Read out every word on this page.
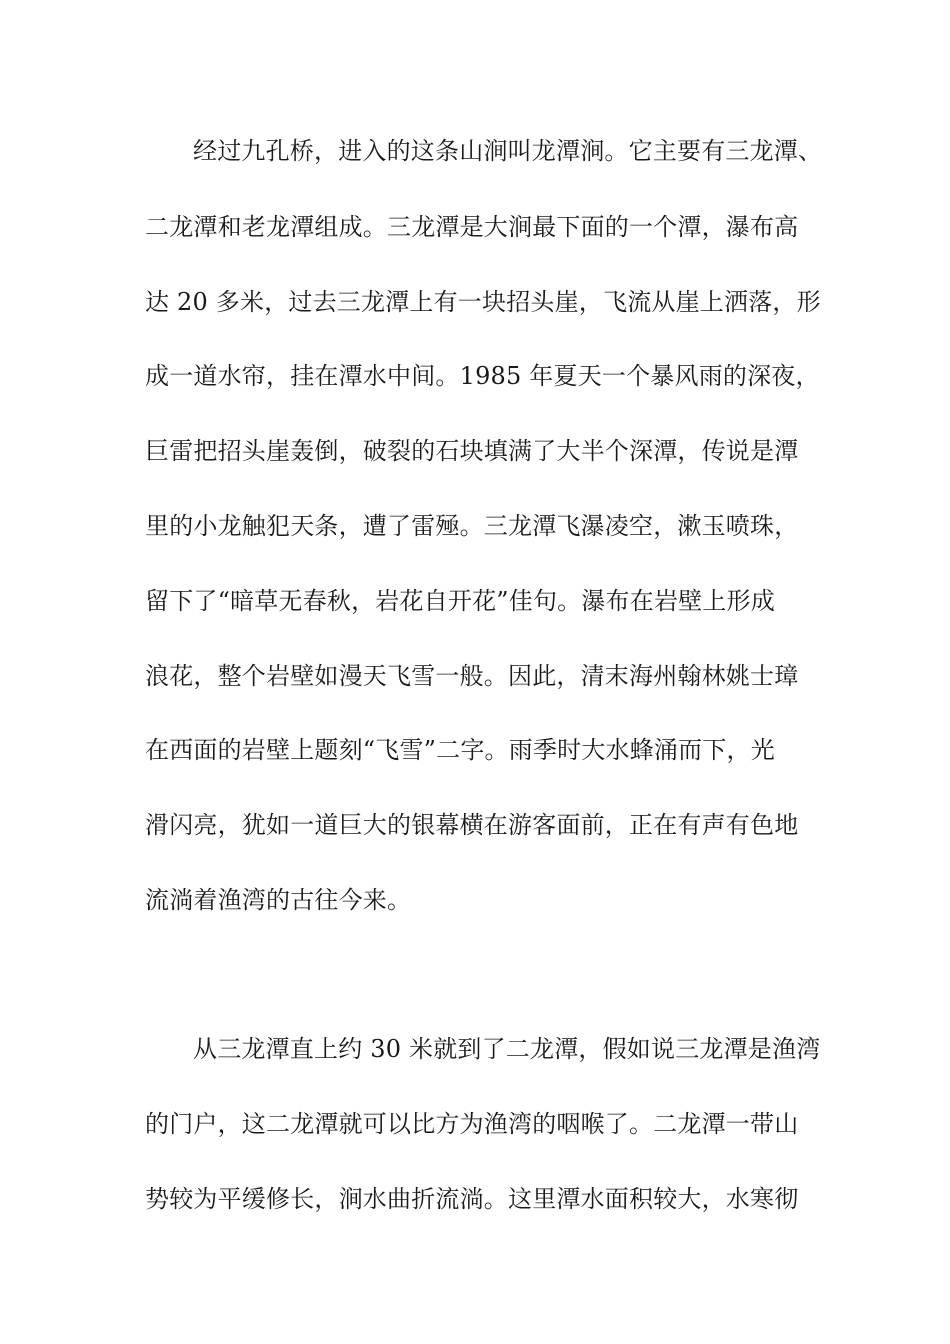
经过九孔桥，进入的这条山涧叫龙潭涧。它主要有三龙潭、
二龙潭和老龙潭组成。三龙潭是大涧最下面的一个潭，瀑布高
达 20 多米，过去三龙潭上有一块招头崖，飞流从崖上洒落，形
成一道水帘，挂在潭水中间。1985 年夏天一个暴风雨的深夜，
巨雷把招头崖轰倒，破裂的石块填满了大半个深潭，传说是潭
里的小龙触犯天条，遭了雷殛。三龙潭飞瀑凌空，漱玉喷珠，
留下了“暗草无春秋，岩花自开花”佳句。瀑布在岩壁上形成
浪花，整个岩壁如漫天飞雪一般。因此，清末海州翰林姚士璋
在西面的岩壁上题刻“飞雪”二字。雨季时大水蜂涌而下，光
滑闪亮，犹如一道巨大的银幕横在游客面前，正在有声有色地
流淌着渔湾的古往今来。
从三龙潭直上约 30 米就到了二龙潭，假如说三龙潭是渔湾
的门户，这二龙潭就可以比方为渔湾的咽喉了。二龙潭一带山
势较为平缓修长，涧水曲折流淌。这里潭水面积较大，水寒彻
